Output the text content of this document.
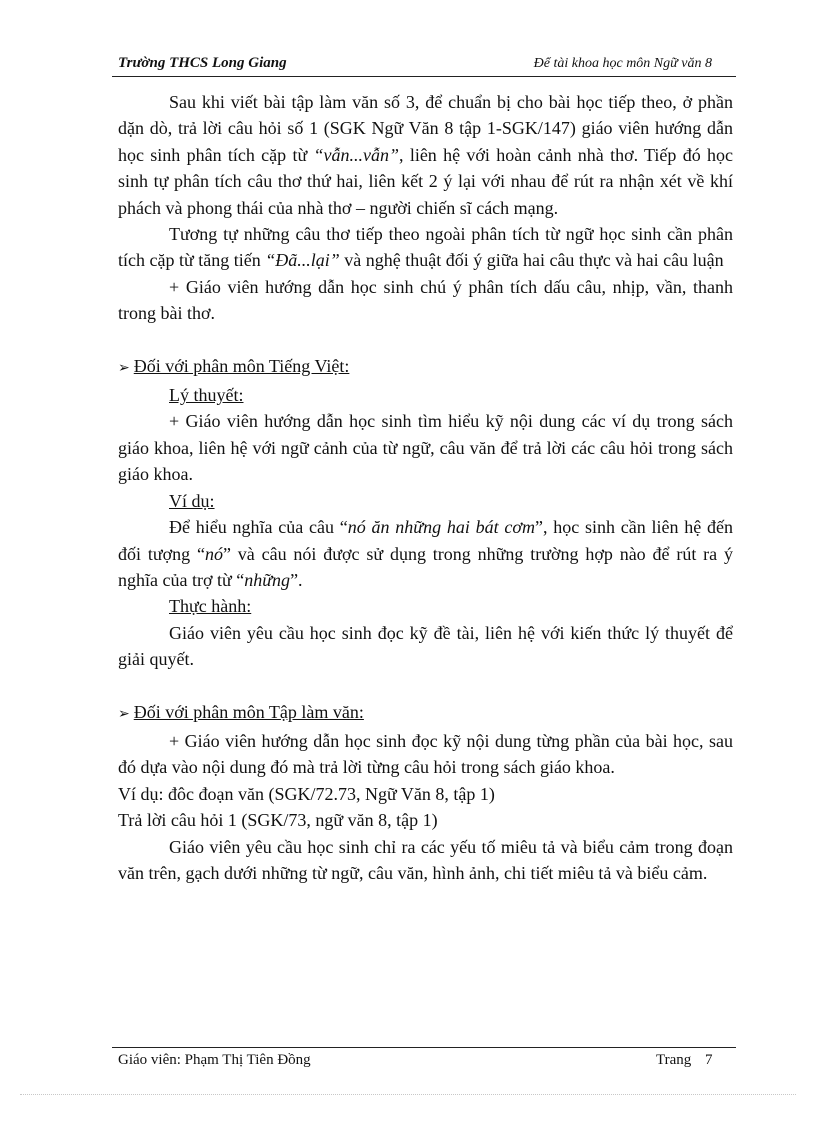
Trường THCS Long Giang	Để tài khoa học môn Ngữ văn 8

Sau khi viết bài tập làm văn số 3, để chuẩn bị cho bài học tiếp theo, ở phần dặn dò, trả lời câu hỏi số 1 (SGK Ngữ Văn 8 tập 1-SGK/147) giáo viên hướng dẫn học sinh phân tích cặp từ “vẫn...vẫn”, liên hệ với hoàn cảnh nhà thơ. Tiếp đó học sinh tự phân tích câu thơ thứ hai, liên kết 2 ý lại với nhau để rút ra nhận xét về khí phách và phong thái của nhà thơ – người chiến sĩ cách mạng.

Tương tự những câu thơ tiếp theo ngoài phân tích từ ngữ học sinh cần phân tích cặp từ tăng tiến “Đã...lại” và nghệ thuật đối ý giữa hai câu thực và hai câu luận

+ Giáo viên hướng dẫn học sinh chú ý phân tích dấu câu, nhịp, vần, thanh trong bài thơ.

➢ Đối với phân môn Tiếng Việt:

Lý thuyết:

+ Giáo viên hướng dẫn học sinh tìm hiểu kỹ nội dung các ví dụ trong sách giáo khoa, liên hệ với ngữ cảnh của từ ngữ, câu văn để trả lời các câu hỏi trong sách giáo khoa.

Ví dụ:

Để hiểu nghĩa của câu “nó ăn những hai bát cơm”, học sinh cần liên hệ đến đối tượng “nó” và câu nói được sử dụng trong những trường hợp nào để rút ra ý nghĩa của trợ từ “những”.

Thực hành:

Giáo viên yêu cầu học sinh đọc kỹ đề tài, liên hệ với kiến thức lý thuyết để giải quyết.

➢ Đối với phân môn Tập làm văn:

+ Giáo viên hướng dẫn học sinh đọc kỹ nội dung từng phần của bài học, sau đó dựa vào nội dung đó mà trả lời từng câu hỏi trong sách giáo khoa.

Ví dụ: đôc đoạn văn (SGK/72.73, Ngữ Văn 8, tập 1)

Trả lời câu hỏi 1 (SGK/73, ngữ văn 8, tập 1)

Giáo viên yêu cầu học sinh chỉ ra các yếu tố miêu tả và biểu cảm trong đoạn văn trên, gạch dưới những từ ngữ, câu văn, hình ảnh, chi tiết miêu tả và biểu cảm.

Giáo viên: Phạm Thị Tiên Đồng	Trang 7
